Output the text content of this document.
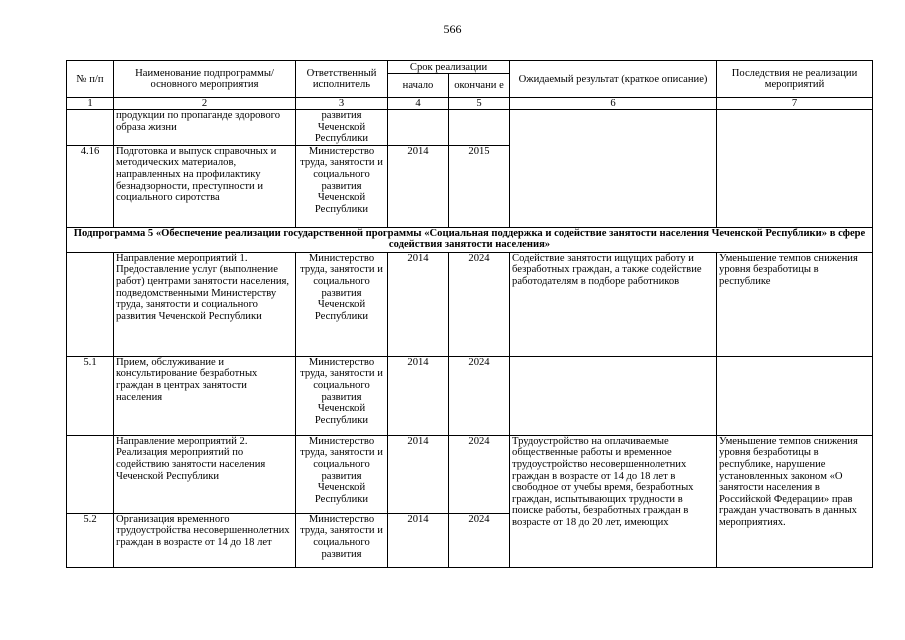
566
№ п/п	Наименование подпрограммы/ основного мероприятия	Ответственный исполнитель	Срок реализации		Ожидаемый результат (краткое описание)	Последствия не реализации мероприятий
			начало	окончани е		
1	2	3	4	5	6	7
	продукции по пропаганде здорового образа жизни	развития Чеченской Республики				
4.16	Подготовка и выпуск справочных и методических материалов, направленных на профилактику безнадзорности, преступности и социального сиротства	Министерство труда, занятости и социального развития Чеченской Республики	2014	2015		
Подпрограмма 5 «Обеспечение реализации государственной программы «Социальная поддержка и содействие занятости населения Чеченской Республики» в сфере содействия занятости населения»						
	Направление мероприятий 1. Предоставление услуг (выполнение работ) центрами занятости населения, подведомственными Министерству труда, занятости и социального развития Чеченской Республики	Министерство труда, занятости и социального развития Чеченской Республики	2014	2024	Содействие занятости ищущих работу и безработных граждан, а также содействие работодателям в подборе работников	Уменьшение темпов снижения уровня безработицы в республике
5.1	Прием, обслуживание и консультирование безработных граждан в центрах занятости населения	Министерство труда, занятости и социального развития Чеченской Республики	2014	2024		
	Направление мероприятий 2. Реализация мероприятий по содействию занятости населения Чеченской Республики	Министерство труда, занятости и социального развития Чеченской Республики	2014	2024	Трудоустройство на оплачиваемые общественные работы и временное трудоустройство несовершеннолетних граждан в возрасте от 14 до 18 лет в свободное от учебы время, безработных граждан, испытывающих трудности в поиске работы, безработных граждан в возрасте от 18 до 20 лет, имеющих	Уменьшение темпов снижения уровня безработицы в республике, нарушение установленных законом «О занятости населения в Российской Федерации» прав граждан участвовать в данных мероприятиях.
5.2	Организация временного трудоустройства несовершеннолетних граждан в возрасте от 14 до 18 лет	Министерство труда, занятости и социального развития	2014	2024		
